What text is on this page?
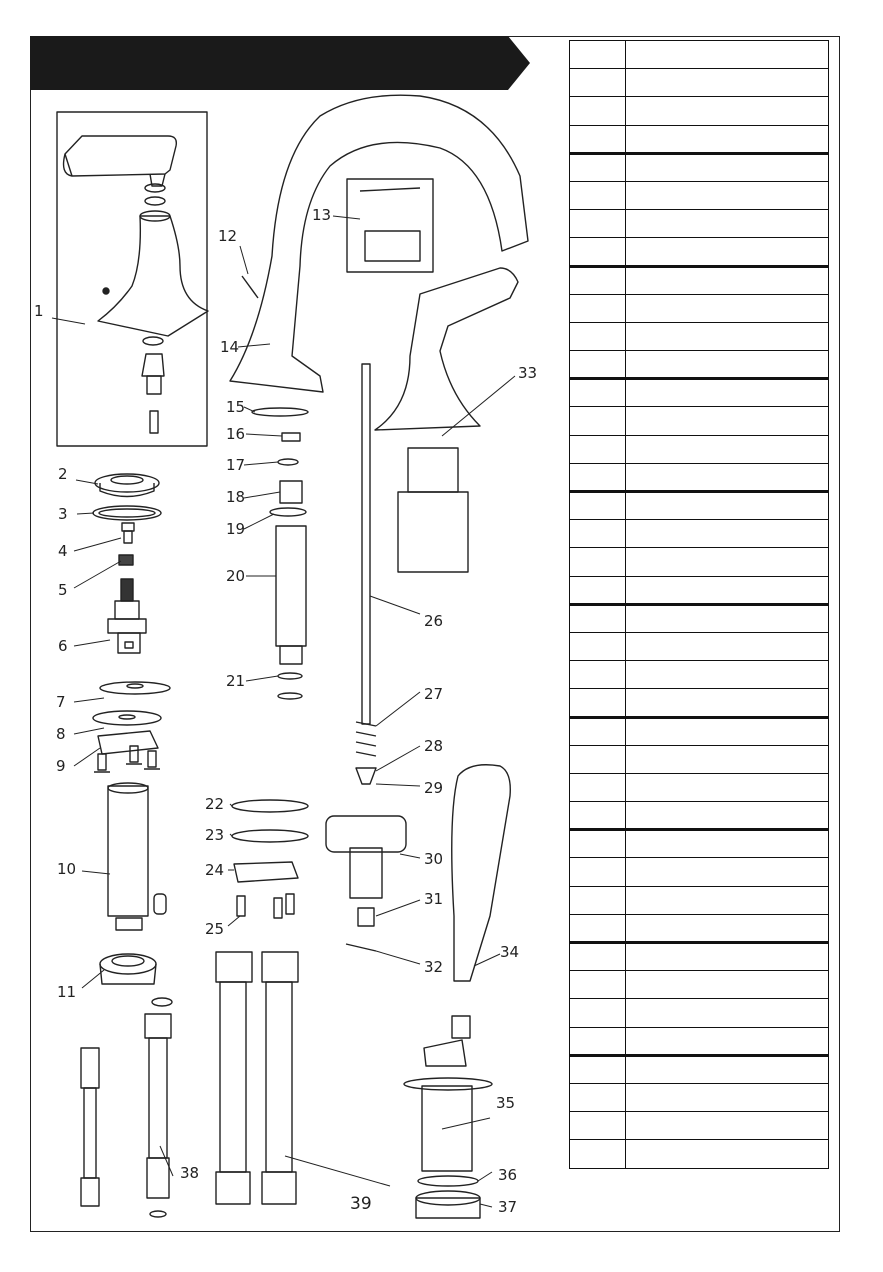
1
2
3
4
5
6
7
8
9
10
11
12
13
14
15
16
17
18
19
20
21
22
23
24
25
26
27
28
29
30
31
32
33
34
35
36
37
38
39
